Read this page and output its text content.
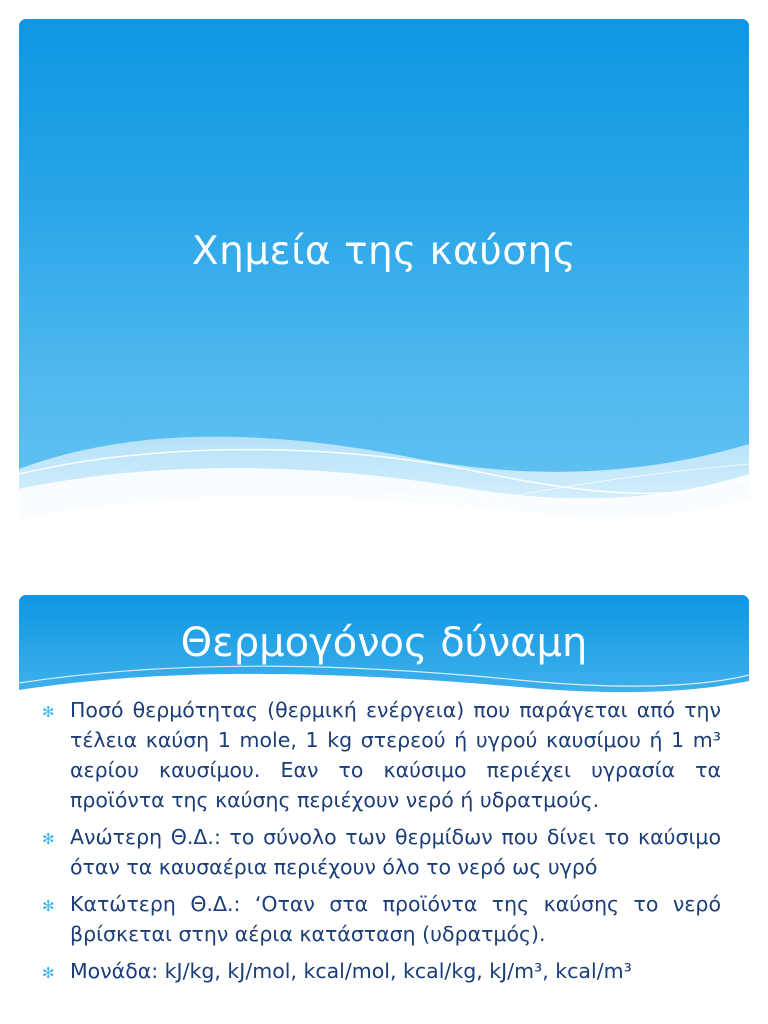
Χημεία της καύσης
Θερμογόνος δύναμη
✻ Ποσό θερμότητας (θερμική ενέργεια) που παράγεται από την τέλεια καύση 1 mole, 1 kg στερεού ή υγρού καυσίμου ή 1 m³ αερίου καυσίμου. Εαν το καύσιμο περιέχει υγρασία τα προϊόντα της καύσης περιέχουν νερό ή υδρατμούς.
✻ Ανώτερη Θ.Δ.: το σύνολο των θερμίδων που δίνει το καύσιμο όταν τα καυσαέρια περιέχουν όλο το νερό ως υγρό
✻ Κατώτερη Θ.Δ.: ‘Οταν στα προϊόντα της καύσης το νερό βρίσκεται στην αέρια κατάσταση (υδρατμός).
✻ Μονάδα: kJ/kg, kJ/mol, kcal/mol, kcal/kg, kJ/m³, kcal/m³
